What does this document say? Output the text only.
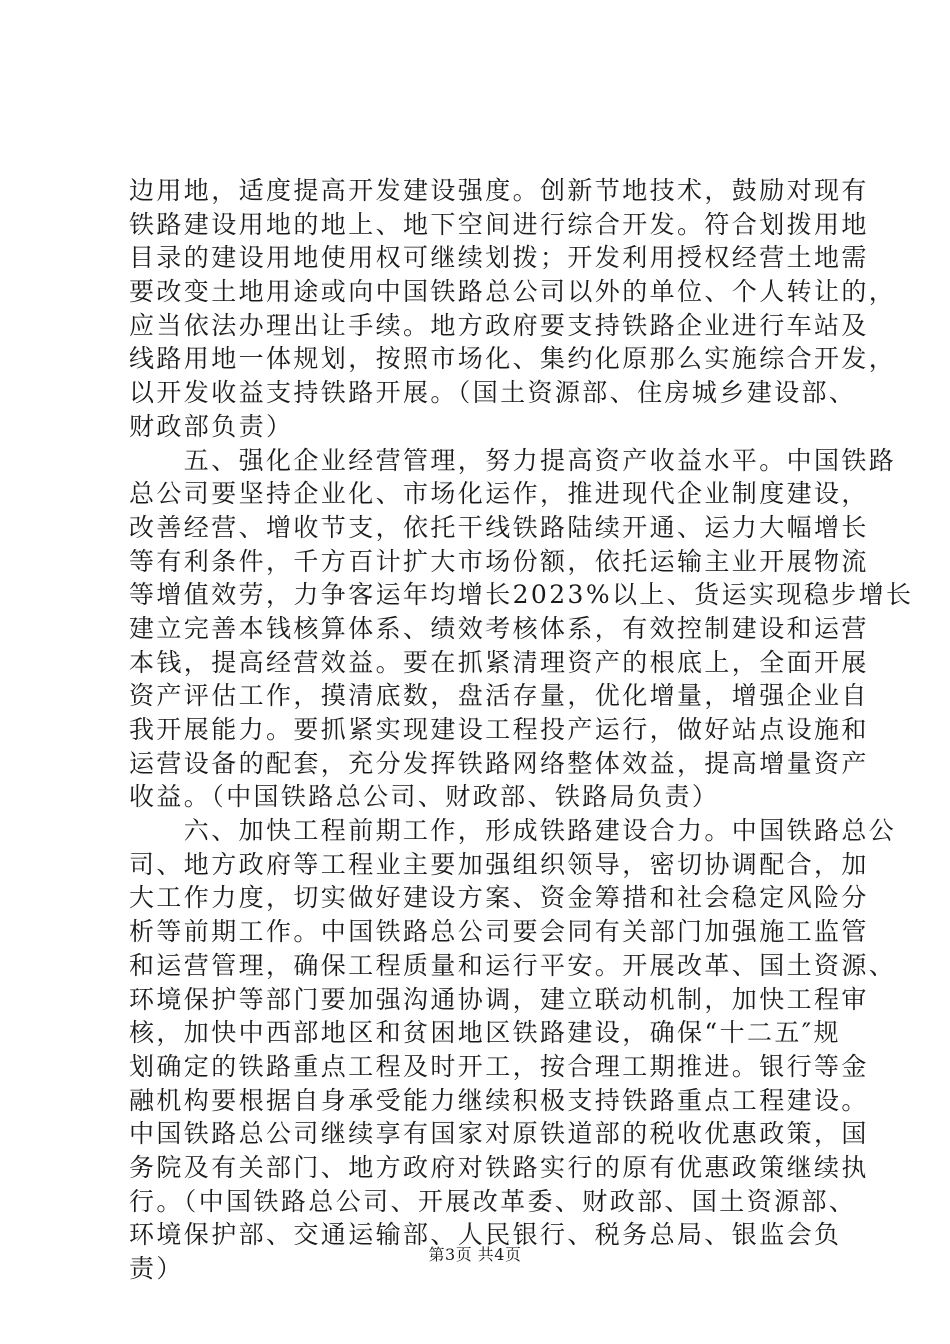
边用地，适度提高开发建设强度。创新节地技术，鼓励对现有
铁路建设用地的地上、地下空间进行综合开发。符合划拨用地
目录的建设用地使用权可继续划拨；开发利用授权经营土地需
要改变土地用途或向中国铁路总公司以外的单位、个人转让的，
应当依法办理出让手续。地方政府要支持铁路企业进行车站及
线路用地一体规划，按照市场化、集约化原那么实施综合开发，
以开发收益支持铁路开展。（国土资源部、住房城乡建设部、
财政部负责）
　　五、强化企业经营管理，努力提高资产收益水平。中国铁路
总公司要坚持企业化、市场化运作，推进现代企业制度建设，
改善经营、增收节支，依托干线铁路陆续开通、运力大幅增长
等有利条件，千方百计扩大市场份额，依托运输主业开展物流
等增值效劳，力争客运年均增长2023%以上、货运实现稳步增长
建立完善本钱核算体系、绩效考核体系，有效控制建设和运营
本钱，提高经营效益。要在抓紧清理资产的根底上，全面开展
资产评估工作，摸清底数，盘活存量，优化增量，增强企业自
我开展能力。要抓紧实现建设工程投产运行，做好站点设施和
运营设备的配套，充分发挥铁路网络整体效益，提高增量资产
收益。（中国铁路总公司、财政部、铁路局负责）
　　六、加快工程前期工作，形成铁路建设合力。中国铁路总公
司、地方政府等工程业主要加强组织领导，密切协调配合，加
大工作力度，切实做好建设方案、资金筹措和社会稳定风险分
析等前期工作。中国铁路总公司要会同有关部门加强施工监管
和运营管理，确保工程质量和运行平安。开展改革、国土资源、
环境保护等部门要加强沟通协调，建立联动机制，加快工程审
核，加快中西部地区和贫困地区铁路建设，确保“十二五″规
划确定的铁路重点工程及时开工，按合理工期推进。银行等金
融机构要根据自身承受能力继续积极支持铁路重点工程建设。
中国铁路总公司继续享有国家对原铁道部的税收优惠政策，国
务院及有关部门、地方政府对铁路实行的原有优惠政策继续执
行。（中国铁路总公司、开展改革委、财政部、国土资源部、
环境保护部、交通运输部、人民银行、税务总局、银监会负
责）	第3页 共4页
